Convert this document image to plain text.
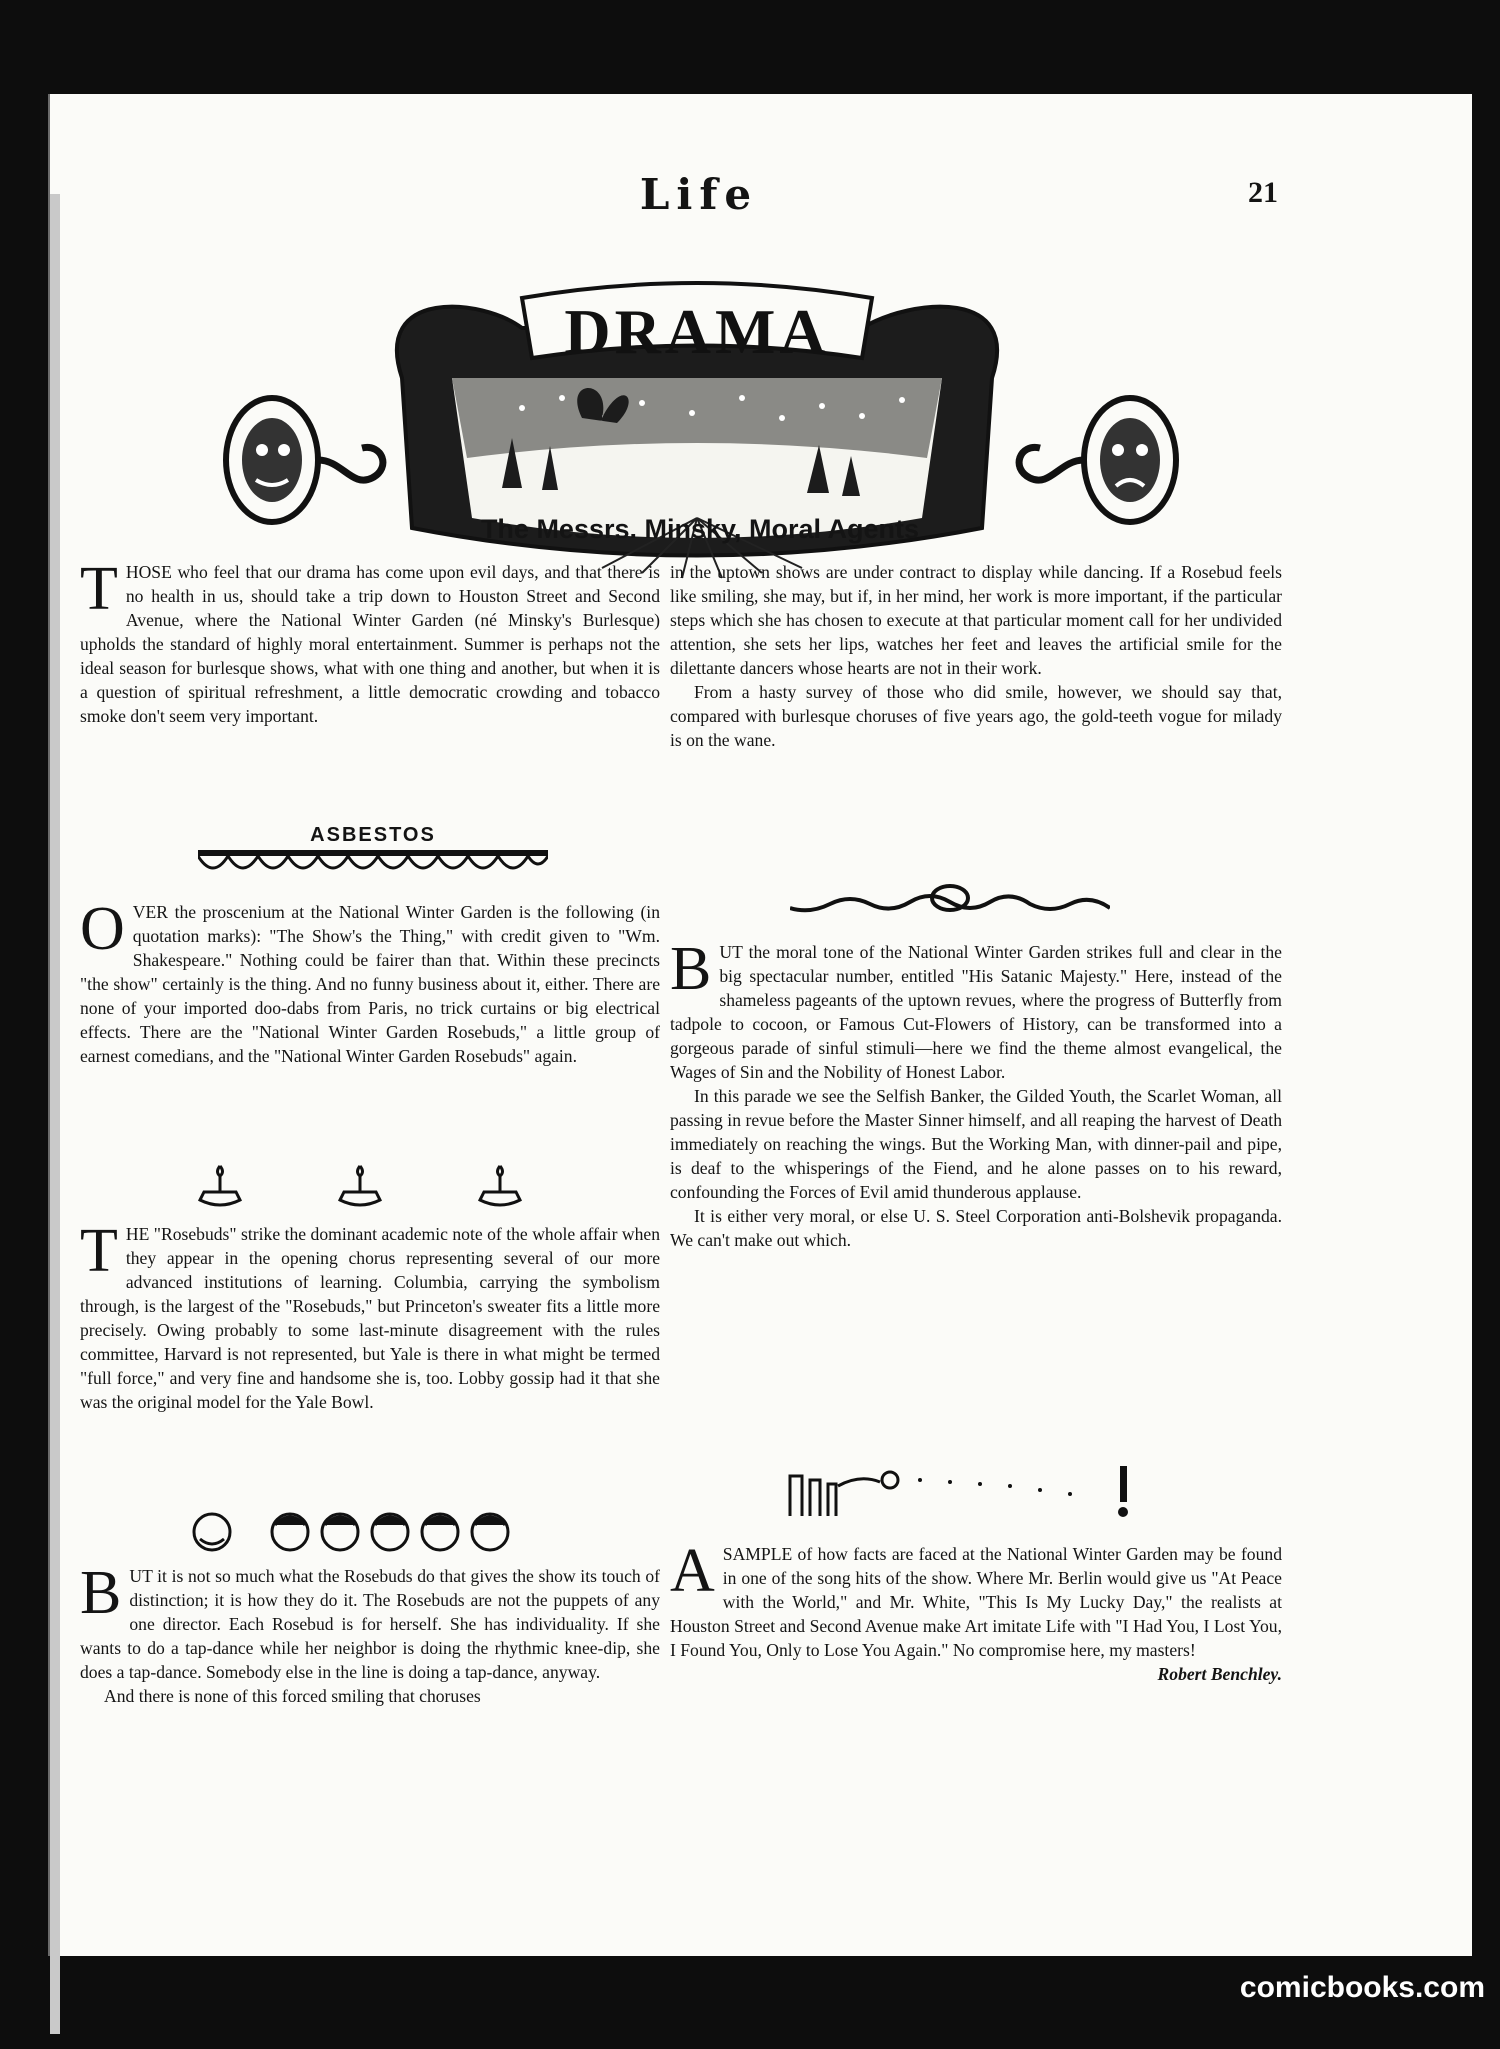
Life	21
DRAMA
The Messrs. Minsky, Moral Agents

THOSE who feel that our drama has come upon evil days, and that there is no health in us, should take a trip down to Houston Street and Second Avenue, where the National Winter Garden (né Minsky's Burlesque) upholds the standard of highly moral entertainment. Summer is perhaps not the ideal season for burlesque shows, what with one thing and another, but when it is a question of spiritual refreshment, a little democratic crowding and tobacco smoke don't seem very important.

ASBESTOS

OVER the proscenium at the National Winter Garden is the following (in quotation marks): "The Show's the Thing," with credit given to "Wm. Shakespeare." Nothing could be fairer than that. Within these precincts "the show" certainly is the thing. And no funny business about it, either. There are none of your imported doo-dabs from Paris, no trick curtains or big electrical effects. There are the "National Winter Garden Rosebuds," a little group of earnest comedians, and the "National Winter Garden Rosebuds" again.

THE "Rosebuds" strike the dominant academic note of the whole affair when they appear in the opening chorus representing several of our more advanced institutions of learning. Columbia, carrying the symbolism through, is the largest of the "Rosebuds," but Princeton's sweater fits a little more precisely. Owing probably to some last-minute disagreement with the rules committee, Harvard is not represented, but Yale is there in what might be termed "full force," and very fine and handsome she is, too. Lobby gossip had it that she was the original model for the Yale Bowl.

BUT it is not so much what the Rosebuds do that gives the show its touch of distinction; it is how they do it. The Rosebuds are not the puppets of any one director. Each Rosebud is for herself. She has individuality. If she wants to do a tap-dance while her neighbor is doing the rhythmic knee-dip, she does a tap-dance. Somebody else in the line is doing a tap-dance, anyway.

And there is none of this forced smiling that choruses

in the uptown shows are under contract to display while dancing. If a Rosebud feels like smiling, she may, but if, in her mind, her work is more important, if the particular steps which she has chosen to execute at that particular moment call for her undivided attention, she sets her lips, watches her feet and leaves the artificial smile for the dilettante dancers whose hearts are not in their work.

From a hasty survey of those who did smile, however, we should say that, compared with burlesque choruses of five years ago, the gold-teeth vogue for milady is on the wane.

BUT the moral tone of the National Winter Garden strikes full and clear in the big spectacular number, entitled "His Satanic Majesty." Here, instead of the shameless pageants of the uptown revues, where the progress of Butterfly from tadpole to cocoon, or Famous Cut-Flowers of History, can be transformed into a gorgeous parade of sinful stimuli—here we find the theme almost evangelical, the Wages of Sin and the Nobility of Honest Labor.

In this parade we see the Selfish Banker, the Gilded Youth, the Scarlet Woman, all passing in revue before the Master Sinner himself, and all reaping the harvest of Death immediately on reaching the wings. But the Working Man, with dinner-pail and pipe, is deaf to the whisperings of the Fiend, and he alone passes on to his reward, confounding the Forces of Evil amid thunderous applause.

It is either very moral, or else U. S. Steel Corporation anti-Bolshevik propaganda. We can't make out which.

ASAMPLE of how facts are faced at the National Winter Garden may be found in one of the song hits of the show. Where Mr. Berlin would give us "At Peace with the World," and Mr. White, "This Is My Lucky Day," the realists at Houston Street and Second Avenue make Art imitate Life with "I Had You, I Lost You, I Found You, Only to Lose You Again." No compromise here, my masters!

Robert Benchley.

comicbooks.com
